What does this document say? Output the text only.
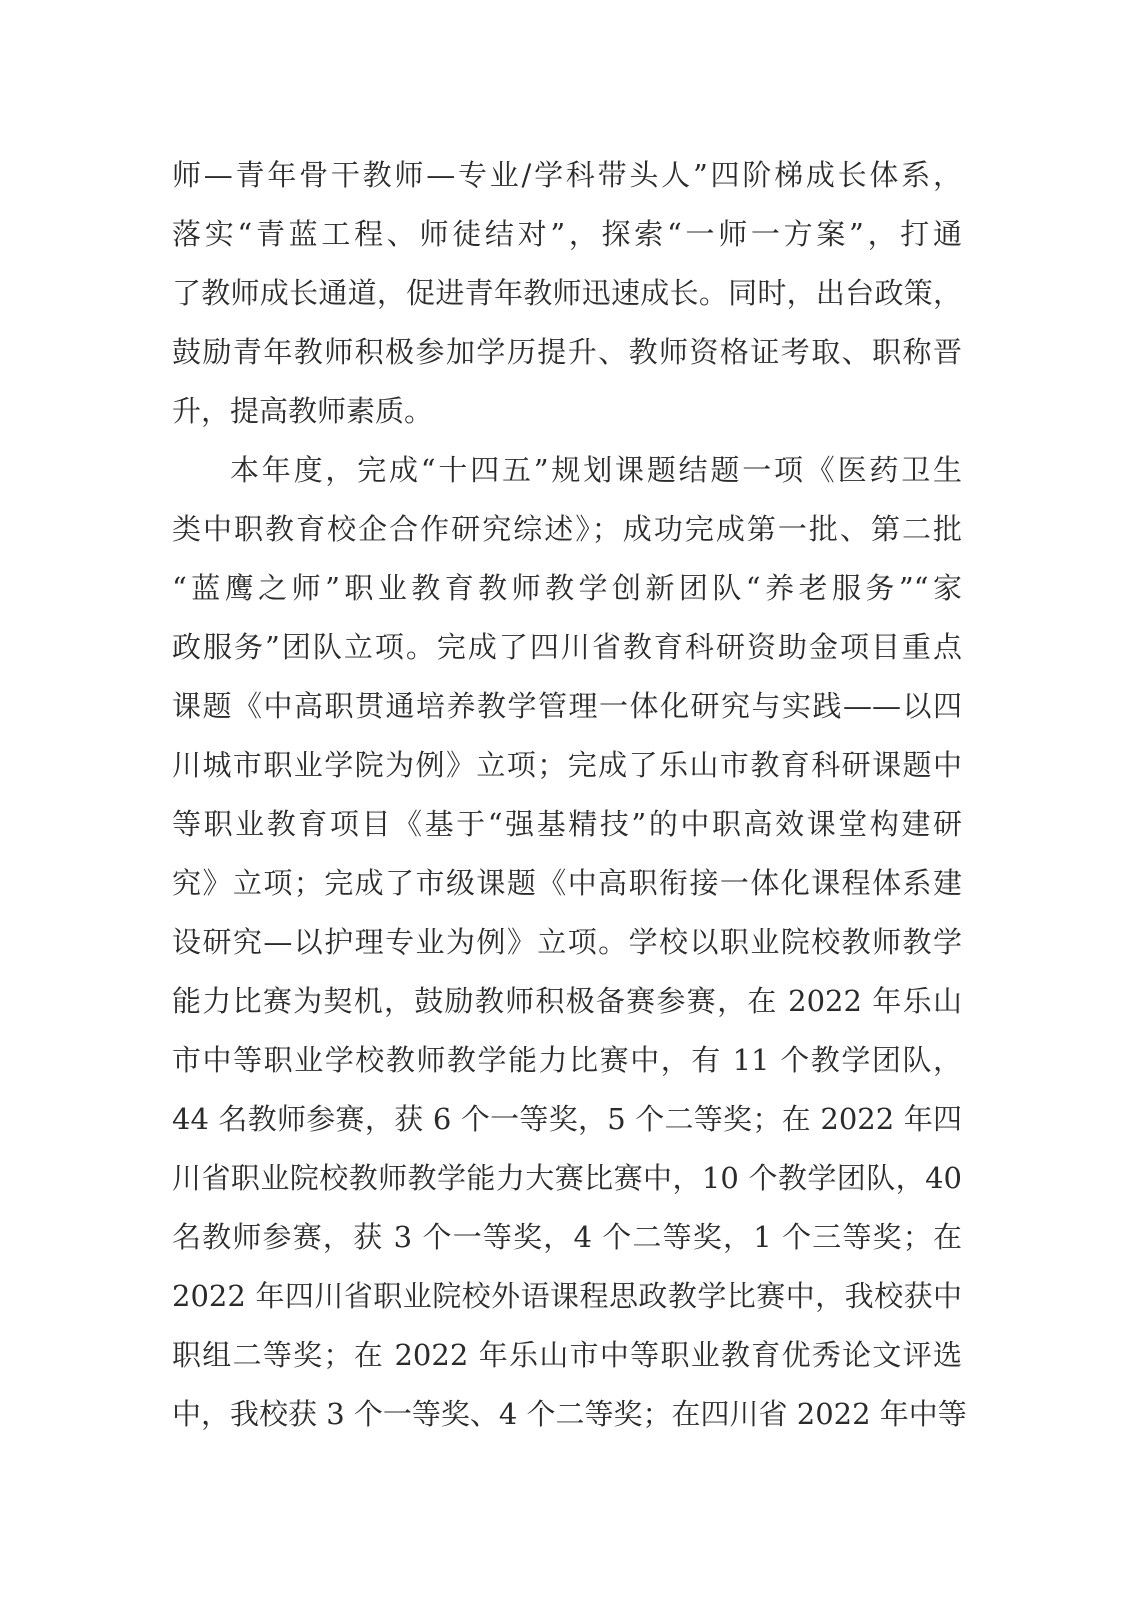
师—青年骨干教师—专业/学科带头人”四阶梯成长体系，
落实“青蓝工程、师徒结对”，探索“一师一方案”，打通
了教师成长通道，促进青年教师迅速成长。同时，出台政策，
鼓励青年教师积极参加学历提升、教师资格证考取、职称晋
升，提高教师素质。
本年度，完成“十四五”规划课题结题一项《医药卫生
类中职教育校企合作研究综述》；成功完成第一批、第二批
“蓝鹰之师”职业教育教师教学创新团队“养老服务”“家
政服务”团队立项。完成了四川省教育科研资助金项目重点
课题《中高职贯通培养教学管理一体化研究与实践——以四
川城市职业学院为例》立项；完成了乐山市教育科研课题中
等职业教育项目《基于“强基精技”的中职高效课堂构建研
究》立项；完成了市级课题《中高职衔接一体化课程体系建
设研究—以护理专业为例》立项。学校以职业院校教师教学
能力比赛为契机，鼓励教师积极备赛参赛，在 2022 年乐山
市中等职业学校教师教学能力比赛中，有 11 个教学团队，
44 名教师参赛，获 6 个一等奖，5 个二等奖；在 2022 年四
川省职业院校教师教学能力大赛比赛中，10 个教学团队，40
名教师参赛，获 3 个一等奖，4 个二等奖，1 个三等奖；在
2022 年四川省职业院校外语课程思政教学比赛中，我校获中
职组二等奖；在 2022 年乐山市中等职业教育优秀论文评选
中，我校获 3 个一等奖、4 个二等奖；在四川省 2022 年中等
